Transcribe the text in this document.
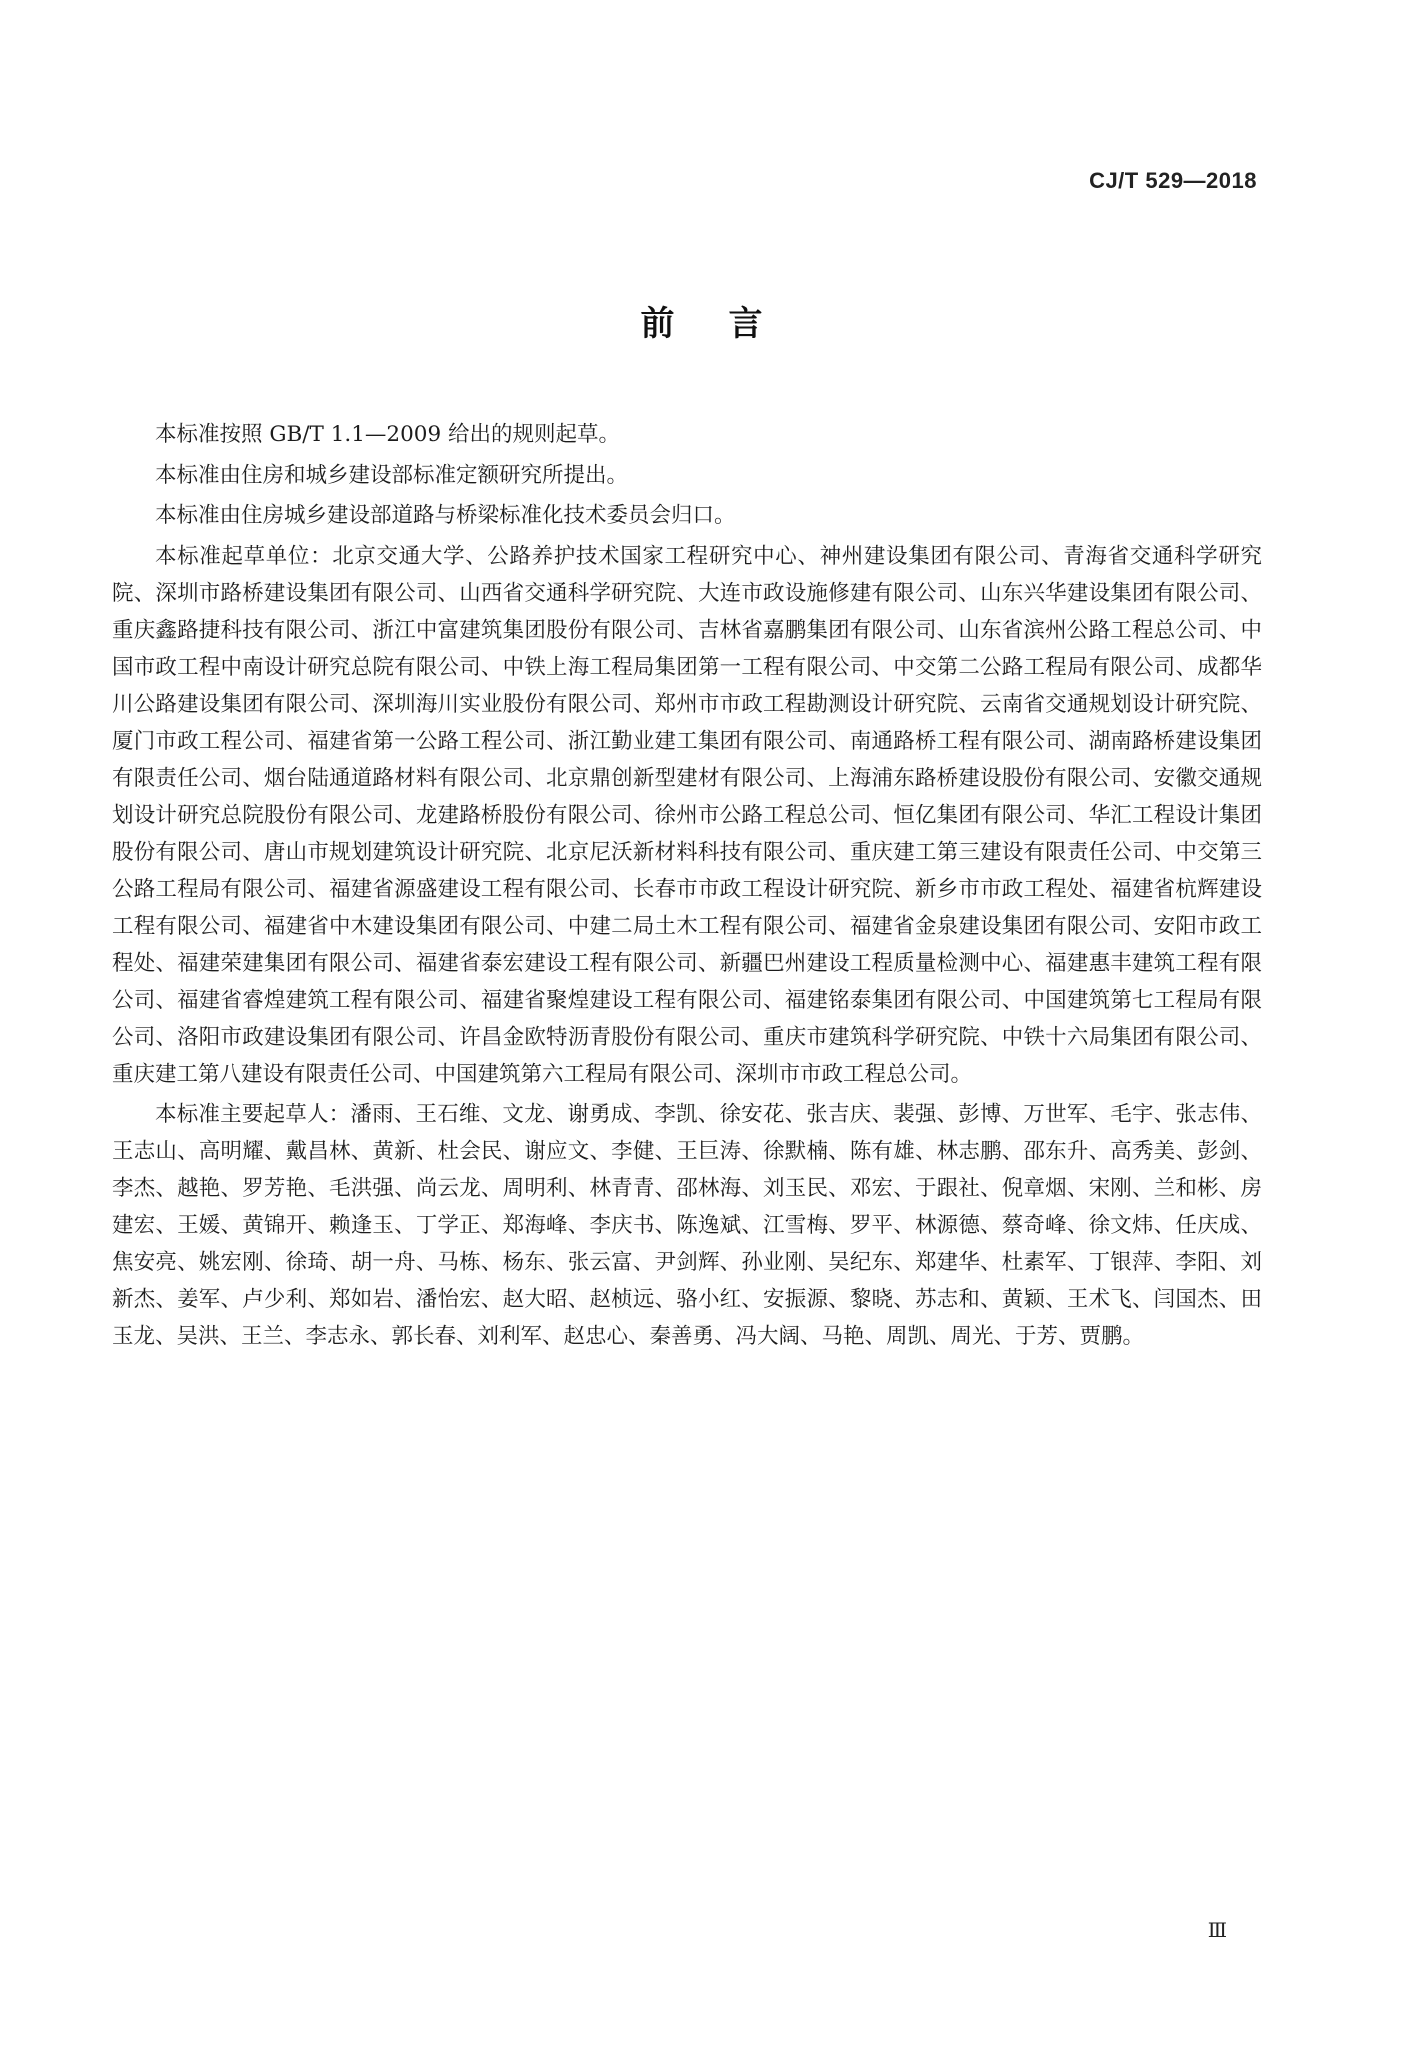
CJ/T 529—2018
前言

本标准按照 GB/T 1.1—2009 给出的规则起草。

本标准由住房和城乡建设部标准定额研究所提出。

本标准由住房城乡建设部道路与桥梁标准化技术委员会归口。

本标准起草单位：北京交通大学、公路养护技术国家工程研究中心、神州建设集团有限公司、青海省交通科学研究院、深圳市路桥建设集团有限公司、山西省交通科学研究院、大连市政设施修建有限公司、山东兴华建设集团有限公司、重庆鑫路捷科技有限公司、浙江中富建筑集团股份有限公司、吉林省嘉鹏集团有限公司、山东省滨州公路工程总公司、中国市政工程中南设计研究总院有限公司、中铁上海工程局集团第一工程有限公司、中交第二公路工程局有限公司、成都华川公路建设集团有限公司、深圳海川实业股份有限公司、郑州市市政工程勘测设计研究院、云南省交通规划设计研究院、厦门市政工程公司、福建省第一公路工程公司、浙江勤业建工集团有限公司、南通路桥工程有限公司、湖南路桥建设集团有限责任公司、烟台陆通道路材料有限公司、北京鼎创新型建材有限公司、上海浦东路桥建设股份有限公司、安徽交通规划设计研究总院股份有限公司、龙建路桥股份有限公司、徐州市公路工程总公司、恒亿集团有限公司、华汇工程设计集团股份有限公司、唐山市规划建筑设计研究院、北京尼沃新材料科技有限公司、重庆建工第三建设有限责任公司、中交第三公路工程局有限公司、福建省源盛建设工程有限公司、长春市市政工程设计研究院、新乡市市政工程处、福建省杭辉建设工程有限公司、福建省中木建设集团有限公司、中建二局土木工程有限公司、福建省金泉建设集团有限公司、安阳市政工程处、福建荣建集团有限公司、福建省泰宏建设工程有限公司、新疆巴州建设工程质量检测中心、福建惠丰建筑工程有限公司、福建省睿煌建筑工程有限公司、福建省聚煌建设工程有限公司、福建铭泰集团有限公司、中国建筑第七工程局有限公司、洛阳市政建设集团有限公司、许昌金欧特沥青股份有限公司、重庆市建筑科学研究院、中铁十六局集团有限公司、重庆建工第八建设有限责任公司、中国建筑第六工程局有限公司、深圳市市政工程总公司。

本标准主要起草人：潘雨、王石维、文龙、谢勇成、李凯、徐安花、张吉庆、裴强、彭博、万世军、毛宇、张志伟、王志山、高明耀、戴昌林、黄新、杜会民、谢应文、李健、王巨涛、徐默楠、陈有雄、林志鹏、邵东升、高秀美、彭剑、李杰、越艳、罗芳艳、毛洪强、尚云龙、周明利、林青青、邵林海、刘玉民、邓宏、于跟社、倪章烟、宋刚、兰和彬、房建宏、王媛、黄锦开、赖逢玉、丁学正、郑海峰、李庆书、陈逸斌、江雪梅、罗平、林源德、蔡奇峰、徐文炜、任庆成、焦安亮、姚宏刚、徐琦、胡一舟、马栋、杨东、张云富、尹剑辉、孙业刚、吴纪东、郑建华、杜素军、丁银萍、李阳、刘新杰、姜军、卢少利、郑如岩、潘怡宏、赵大昭、赵桢远、骆小红、安振源、黎晓、苏志和、黄颖、王术飞、闫国杰、田玉龙、吴洪、王兰、李志永、郭长春、刘利军、赵忠心、秦善勇、冯大阔、马艳、周凯、周光、于芳、贾鹏。

Ⅲ
